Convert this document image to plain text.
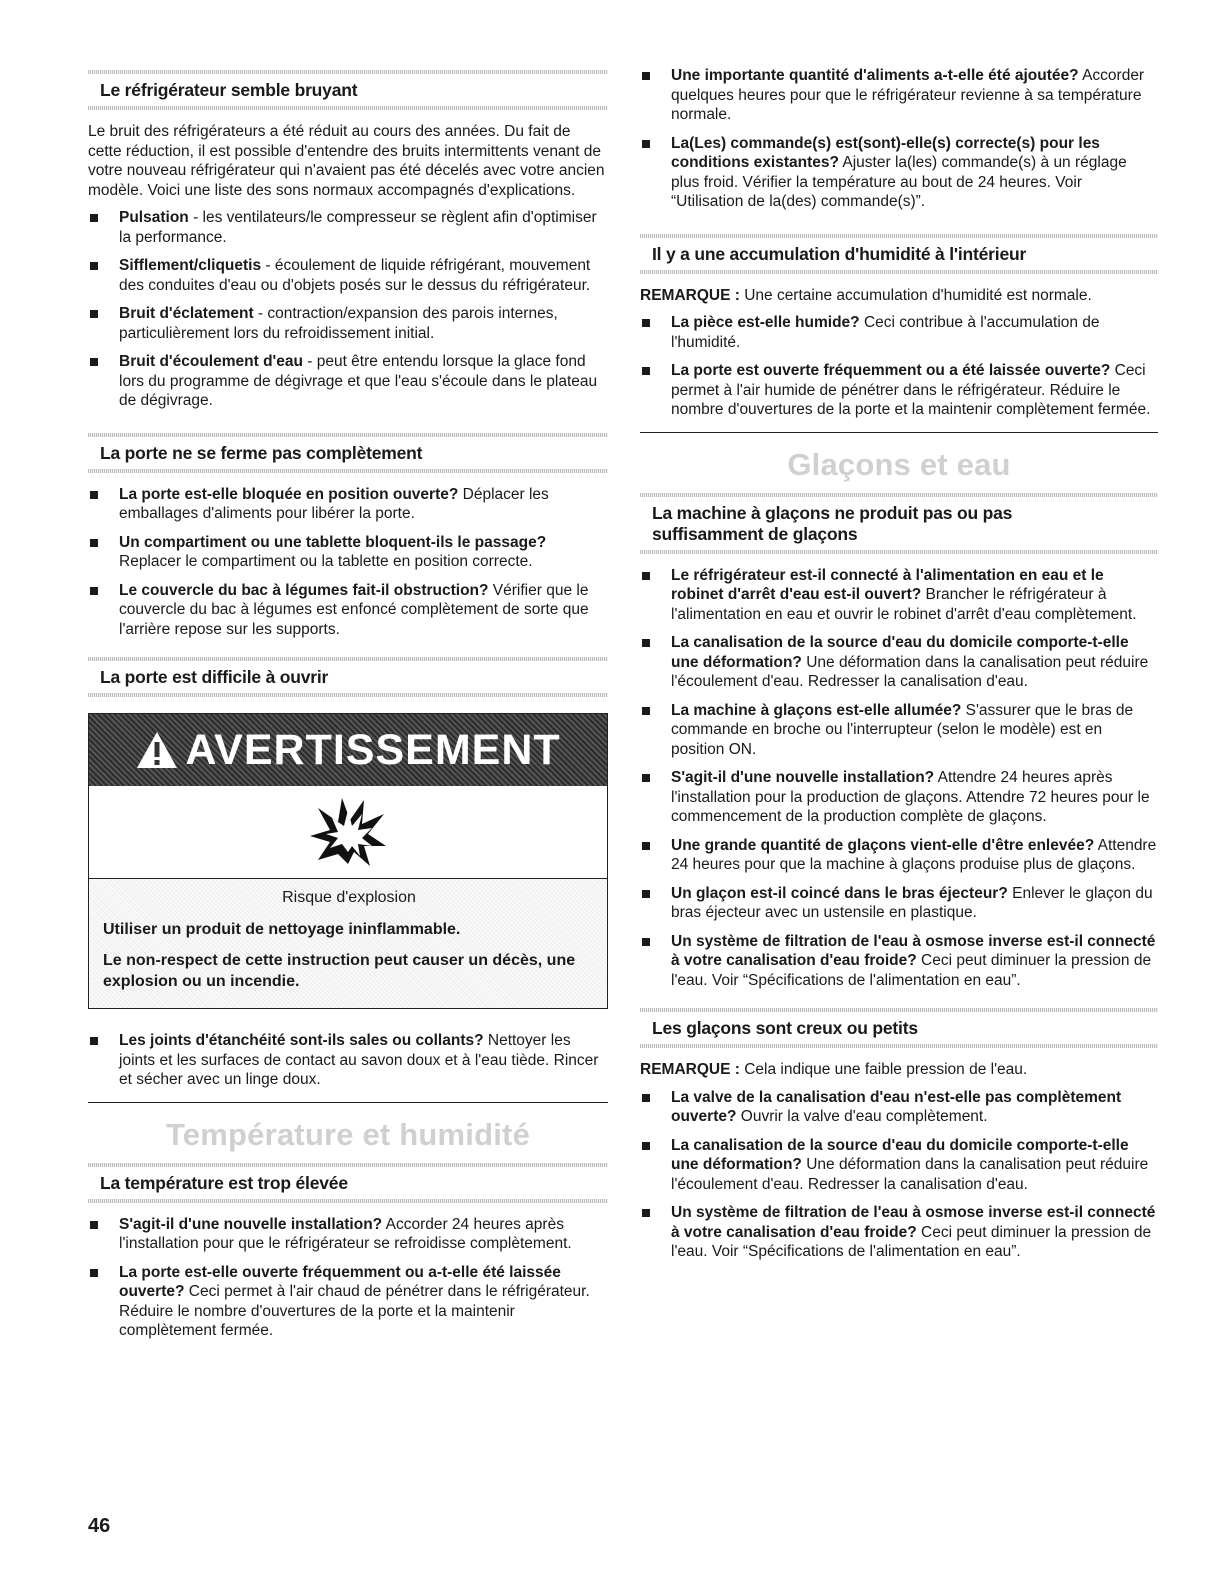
Le réfrigérateur semble bruyant

Le bruit des réfrigérateurs a été réduit au cours des années. Du fait de cette réduction, il est possible d'entendre des bruits intermittents venant de votre nouveau réfrigérateur qui n'avaient pas été décelés avec votre ancien modèle. Voici une liste des sons normaux accompagnés d'explications.

Pulsation - les ventilateurs/le compresseur se règlent afin d'optimiser la performance.
Sifflement/cliquetis - écoulement de liquide réfrigérant, mouvement des conduites d'eau ou d'objets posés sur le dessus du réfrigérateur.
Bruit d'éclatement - contraction/expansion des parois internes, particulièrement lors du refroidissement initial.
Bruit d'écoulement d'eau - peut être entendu lorsque la glace fond lors du programme de dégivrage et que l'eau s'écoule dans le plateau de dégivrage.
La porte ne se ferme pas complètement
La porte est-elle bloquée en position ouverte? Déplacer les emballages d'aliments pour libérer la porte.
Un compartiment ou une tablette bloquent-ils le passage? Replacer le compartiment ou la tablette en position correcte.
Le couvercle du bac à légumes fait-il obstruction? Vérifier que le couvercle du bac à légumes est enfoncé complètement de sorte que l'arrière repose sur les supports.
La porte est difficile à ouvrir
AVERTISSEMENT

Risque d'explosion

Utiliser un produit de nettoyage ininflammable.

Le non-respect de cette instruction peut causer un décès, une explosion ou un incendie.

Les joints d'étanchéité sont-ils sales ou collants? Nettoyer les joints et les surfaces de contact au savon doux et à l'eau tiède. Rincer et sécher avec un linge doux.
Température et humidité
La température est trop élevée
S'agit-il d'une nouvelle installation? Accorder 24 heures après l'installation pour que le réfrigérateur se refroidisse complètement.
La porte est-elle ouverte fréquemment ou a-t-elle été laissée ouverte? Ceci permet à l'air chaud de pénétrer dans le réfrigérateur. Réduire le nombre d'ouvertures de la porte et la maintenir complètement fermée.
Une importante quantité d'aliments a-t-elle été ajoutée? Accorder quelques heures pour que le réfrigérateur revienne à sa température normale.
La(Les) commande(s) est(sont)-elle(s) correcte(s) pour les conditions existantes? Ajuster la(les) commande(s) à un réglage plus froid. Vérifier la température au bout de 24 heures. Voir “Utilisation de la(des) commande(s)”.
Il y a une accumulation d'humidité à l'intérieur

REMARQUE : Une certaine accumulation d'humidité est normale.

La pièce est-elle humide? Ceci contribue à l'accumulation de l'humidité.
La porte est ouverte fréquemment ou a été laissée ouverte? Ceci permet à l'air humide de pénétrer dans le réfrigérateur. Réduire le nombre d'ouvertures de la porte et la maintenir complètement fermée.
Glaçons et eau
La machine à glaçons ne produit pas ou pas suffisamment de glaçons
Le réfrigérateur est-il connecté à l'alimentation en eau et le robinet d'arrêt d'eau est-il ouvert? Brancher le réfrigérateur à l'alimentation en eau et ouvrir le robinet d'arrêt d'eau complètement.
La canalisation de la source d'eau du domicile comporte-t-elle une déformation? Une déformation dans la canalisation peut réduire l'écoulement d'eau. Redresser la canalisation d'eau.
La machine à glaçons est-elle allumée? S'assurer que le bras de commande en broche ou l'interrupteur (selon le modèle) est en position ON.
S'agit-il d'une nouvelle installation? Attendre 24 heures après l'installation pour la production de glaçons. Attendre 72 heures pour le commencement de la production complète de glaçons.
Une grande quantité de glaçons vient-elle d'être enlevée? Attendre 24 heures pour que la machine à glaçons produise plus de glaçons.
Un glaçon est-il coincé dans le bras éjecteur? Enlever le glaçon du bras éjecteur avec un ustensile en plastique.
Un système de filtration de l'eau à osmose inverse est-il connecté à votre canalisation d'eau froide? Ceci peut diminuer la pression de l'eau. Voir “Spécifications de l'alimentation en eau”.
Les glaçons sont creux ou petits

REMARQUE : Cela indique une faible pression de l'eau.

La valve de la canalisation d'eau n'est-elle pas complètement ouverte? Ouvrir la valve d'eau complètement.
La canalisation de la source d'eau du domicile comporte-t-elle une déformation? Une déformation dans la canalisation peut réduire l'écoulement d'eau. Redresser la canalisation d'eau.
Un système de filtration de l'eau à osmose inverse est-il connecté à votre canalisation d'eau froide? Ceci peut diminuer la pression de l'eau. Voir “Spécifications de l'alimentation en eau”.
46
